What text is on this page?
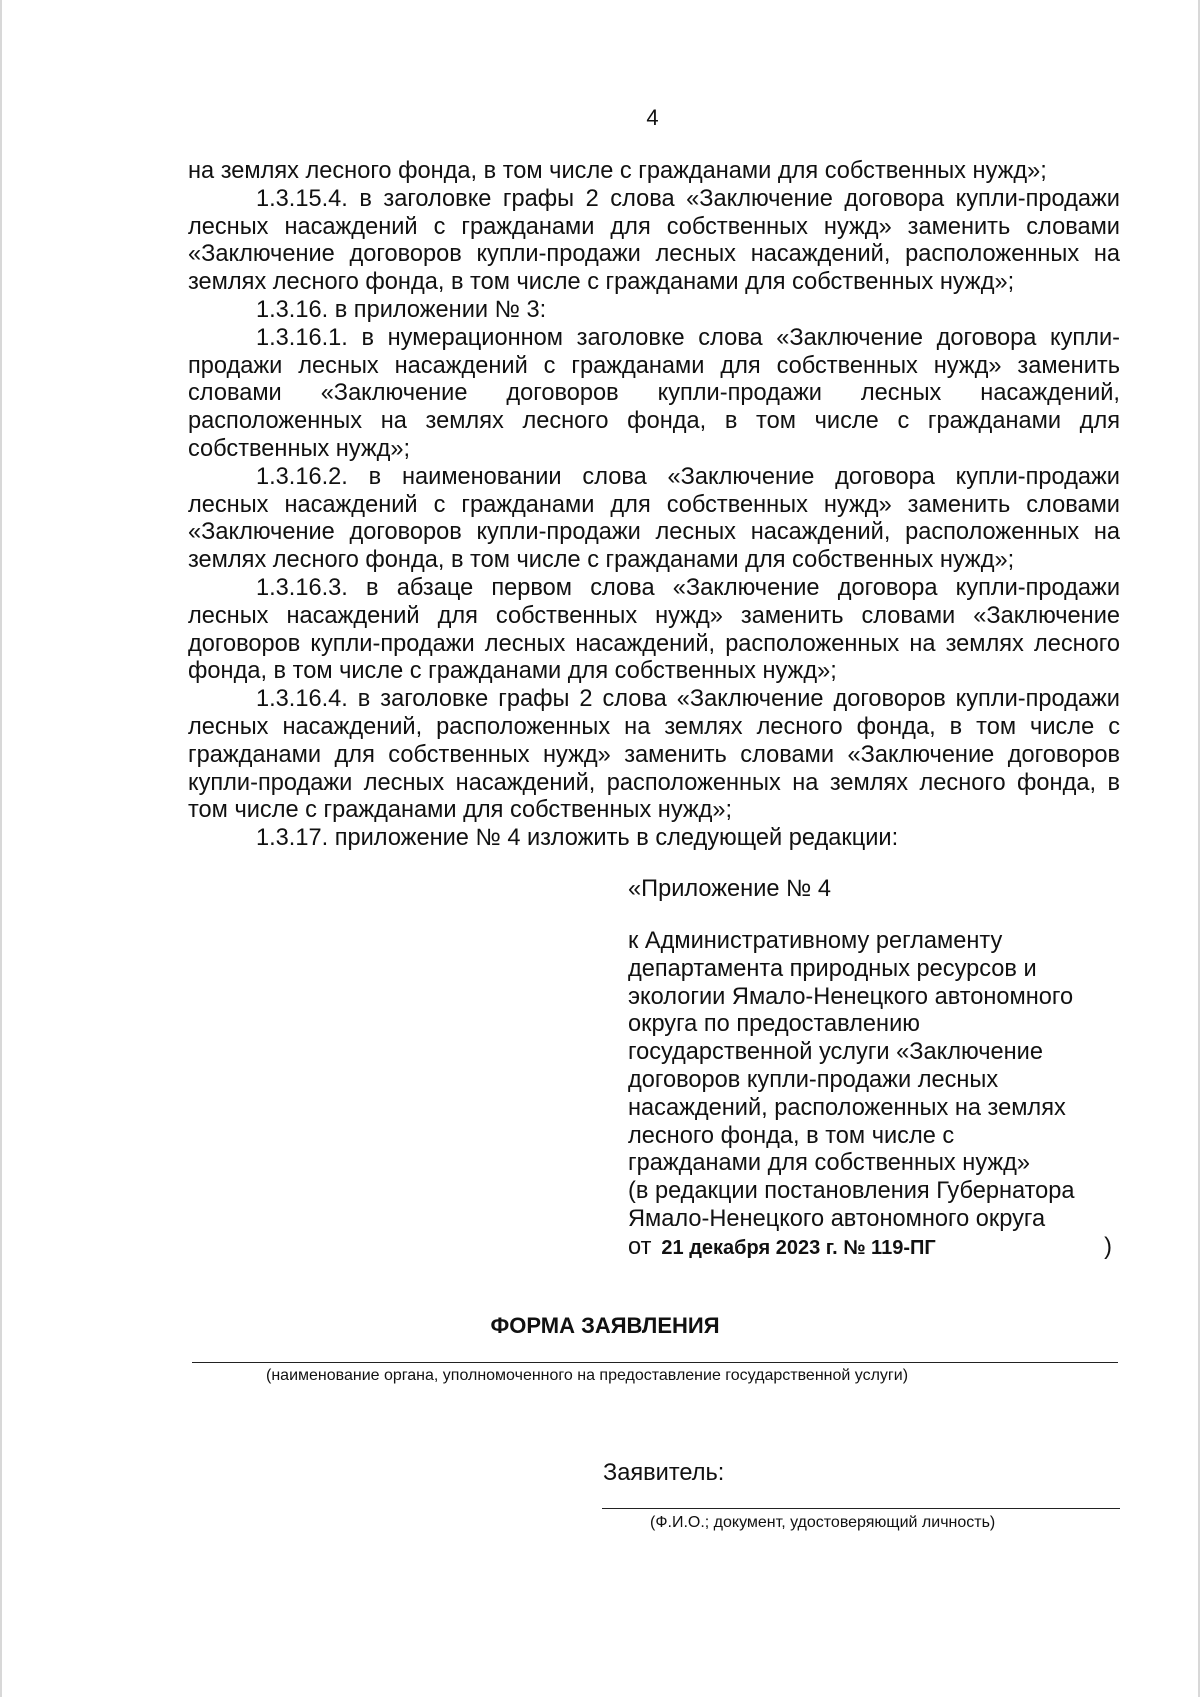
4

на землях лесного фонда, в том числе с гражданами для собственных нужд»;

1.3.15.4. в заголовке графы 2 слова «Заключение договора купли-продажи лесных насаждений с гражданами для собственных нужд» заменить словами «Заключение договоров купли-продажи лесных насаждений, расположенных на землях лесного фонда, в том числе с гражданами для собственных нужд»;

1.3.16. в приложении № 3:

1.3.16.1. в нумерационном заголовке слова «Заключение договора купли-продажи лесных насаждений с гражданами для собственных нужд» заменить словами «Заключение договоров купли-продажи лесных насаждений, расположенных на землях лесного фонда, в том числе с гражданами для собственных нужд»;

1.3.16.2. в наименовании слова «Заключение договора купли-продажи лесных насаждений с гражданами для собственных нужд» заменить словами «Заключение договоров купли-продажи лесных насаждений, расположенных на землях лесного фонда, в том числе с гражданами для собственных нужд»;

1.3.16.3. в абзаце первом слова «Заключение договора купли-продажи лесных насаждений для собственных нужд» заменить словами «Заключение договоров купли-продажи лесных насаждений, расположенных на землях лесного фонда, в том числе с гражданами для собственных нужд»;

1.3.16.4. в заголовке графы 2 слова «Заключение договоров купли-продажи лесных насаждений, расположенных на землях лесного фонда, в том числе с гражданами для собственных нужд» заменить словами «Заключение договоров купли-продажи лесных насаждений, расположенных на землях лесного фонда, в том числе с гражданами для собственных нужд»;

1.3.17. приложение № 4 изложить в следующей редакции:

«Приложение № 4
к Административному регламенту
департамента природных ресурсов и
экологии Ямало-Ненецкого автономного
округа по предоставлению
государственной услуги «Заключение
договоров купли-продажи лесных
насаждений, расположенных на землях
лесного фонда, в том числе с
гражданами для собственных нужд»
(в редакции постановления Губернатора
Ямало-Ненецкого автономного округа
от 21 декабря 2023 г. № 119-ПГ	)
ФОРМА ЗАЯВЛЕНИЯ
(наименование органа, уполномоченного на предоставление государственной услуги)
Заявитель:
(Ф.И.О.; документ, удостоверяющий личность)
